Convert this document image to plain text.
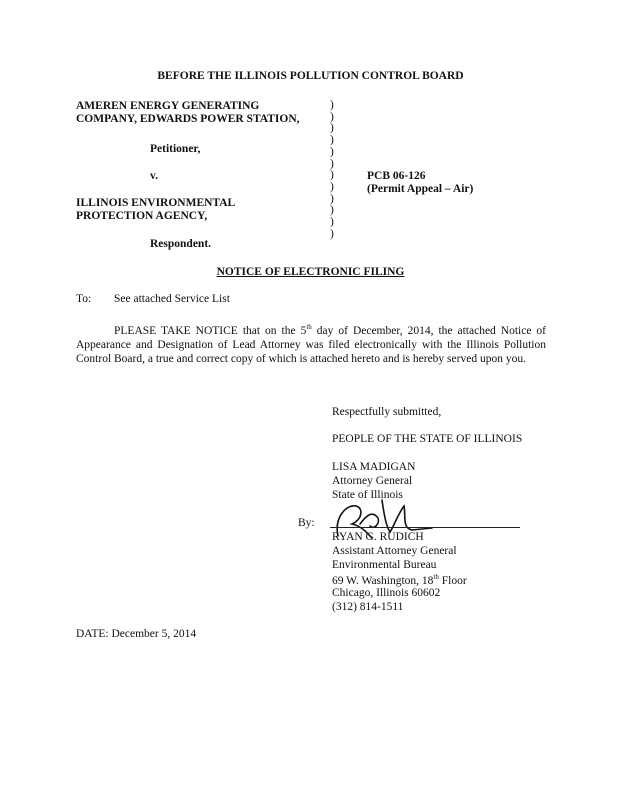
BEFORE THE ILLINOIS POLLUTION CONTROL BOARD
AMEREN ENERGY GENERATING
COMPANY, EDWARDS POWER STATION,
Petitioner,
v.
ILLINOIS ENVIRONMENTAL
PROTECTION AGENCY,
Respondent.
)
)
)
)
)
)
)
)
)
)
)
)
PCB 06-126
(Permit Appeal – Air)
NOTICE OF ELECTRONIC FILING
To: See attached Service List
PLEASE TAKE NOTICE that on the 5th day of December, 2014, the attached Notice of Appearance and Designation of Lead Attorney was filed electronically with the Illinois Pollution Control Board, a true and correct copy of which is attached hereto and is hereby served upon you.
Respectfully submitted,
PEOPLE OF THE STATE OF ILLINOIS
LISA MADIGAN
Attorney General
State of Illinois
By:
RYAN G. RUDICH
Assistant Attorney General
Environmental Bureau
69 W. Washington, 18th Floor
Chicago, Illinois 60602
(312) 814-1511
DATE: December 5, 2014
